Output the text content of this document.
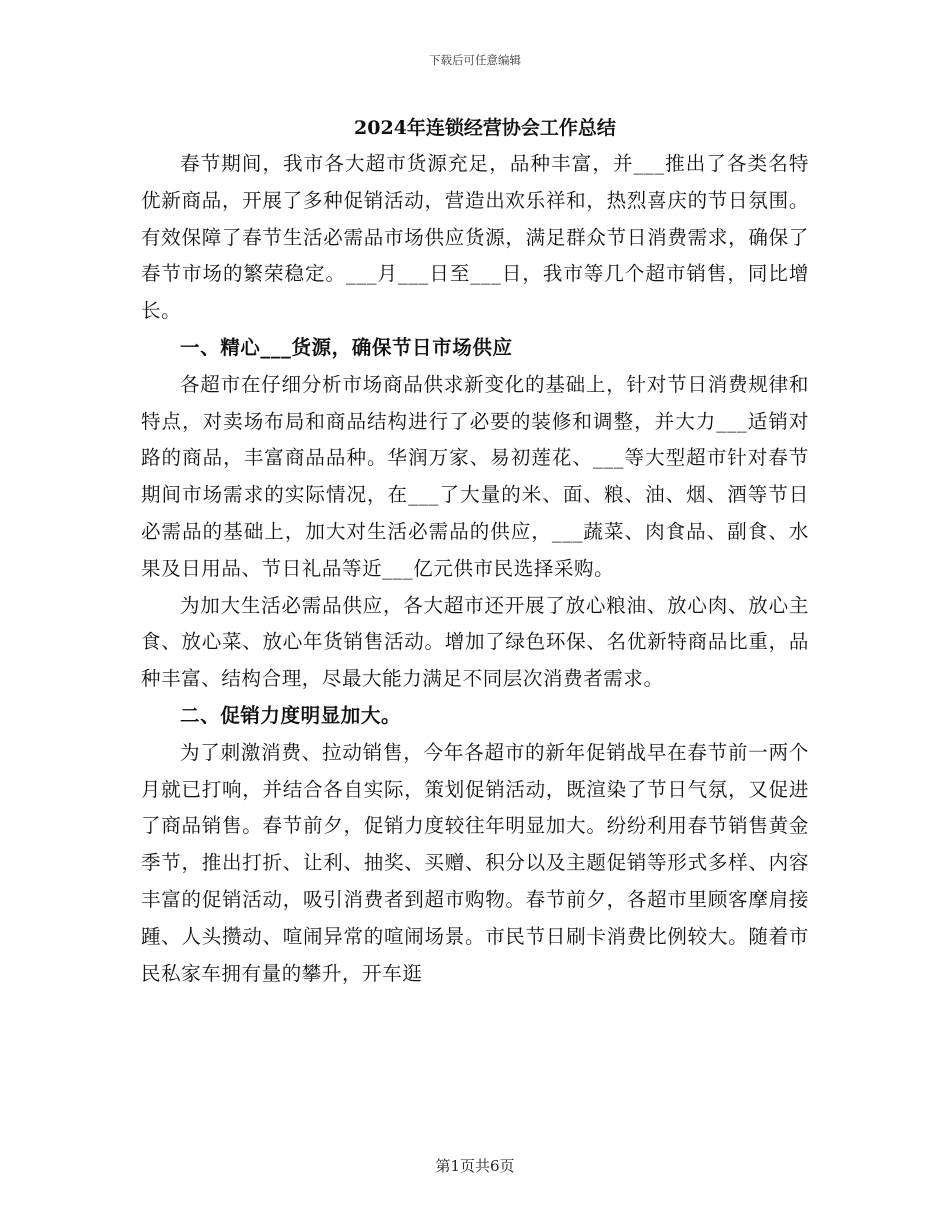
下载后可任意编辑
2024年连锁经营协会工作总结

春节期间，我市各大超市货源充足，品种丰富，并___推出了各类名特优新商品，开展了多种促销活动，营造出欢乐祥和，热烈喜庆的节日氛围。有效保障了春节生活必需品市场供应货源，满足群众节日消费需求，确保了春节市场的繁荣稳定。___月___日至___日，我市等几个超市销售，同比增长。

一、精心___货源，确保节日市场供应

各超市在仔细分析市场商品供求新变化的基础上，针对节日消费规律和特点，对卖场布局和商品结构进行了必要的装修和调整，并大力___适销对路的商品，丰富商品品种。华润万家、易初莲花、___等大型超市针对春节期间市场需求的实际情况，在___了大量的米、面、粮、油、烟、酒等节日必需品的基础上，加大对生活必需品的供应，___蔬菜、肉食品、副食、水果及日用品、节日礼品等近___亿元供市民选择采购。

为加大生活必需品供应，各大超市还开展了放心粮油、放心肉、放心主食、放心菜、放心年货销售活动。增加了绿色环保、名优新特商品比重，品种丰富、结构合理，尽最大能力满足不同层次消费者需求。

二、促销力度明显加大。

为了刺激消费、拉动销售，今年各超市的新年促销战早在春节前一两个月就已打响，并结合各自实际，策划促销活动，既渲染了节日气氛，又促进了商品销售。春节前夕，促销力度较往年明显加大。纷纷利用春节销售黄金季节，推出打折、让利、抽奖、买赠、积分以及主题促销等形式多样、内容丰富的促销活动，吸引消费者到超市购物。春节前夕，各超市里顾客摩肩接踵、人头攒动、喧闹异常的喧闹场景。市民节日刷卡消费比例较大。随着市民私家车拥有量的攀升，开车逛

第1页共6页
